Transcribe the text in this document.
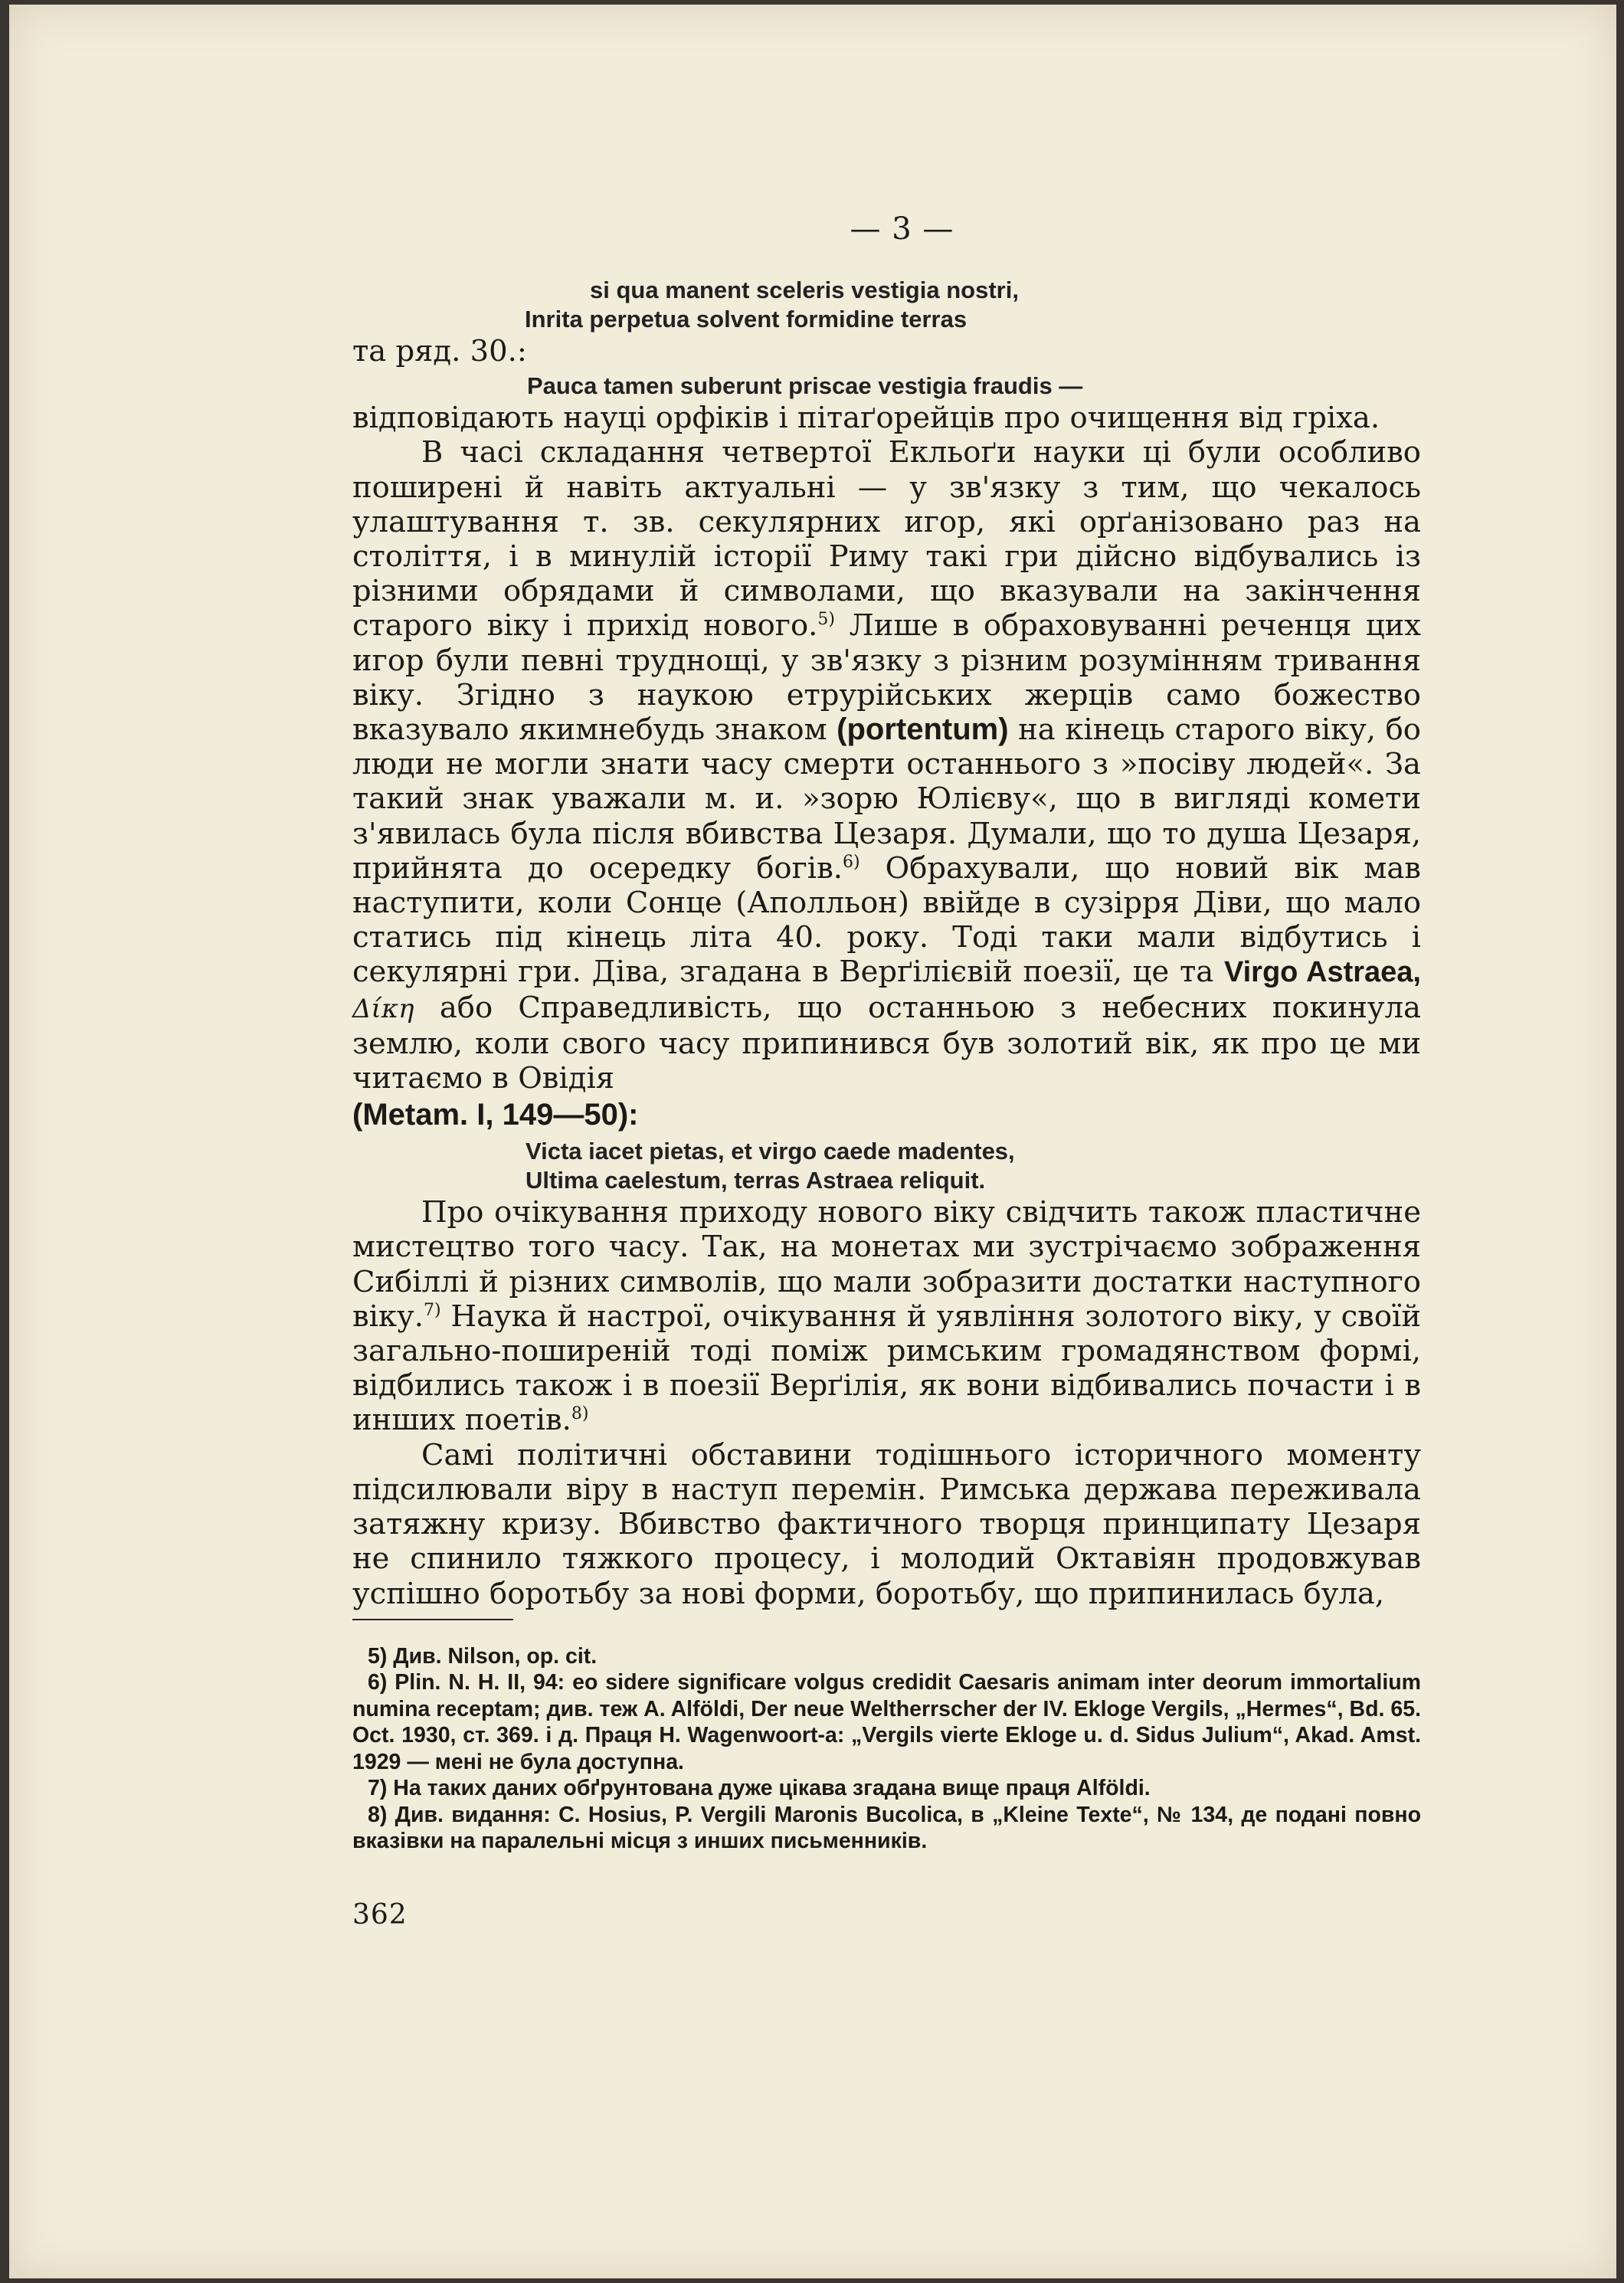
— 3 —
si qua manent sceleris vestigia nostri,
Inrita perpetua solvent formidine terras

та ряд. 30.:

Pauca tamen suberunt priscae vestigia fraudis —

відповідають науці орфіків і пітаґорейців про очищення від гріха.

В часі складання четвертої Екльоґи науки ці були особливо поширені й навіть актуальні — у зв'язку з тим, що чекалось улаштування т. зв. секулярних игор, які орґанізовано раз на століття, і в минулій історії Риму такі гри дійсно відбувались із різними обрядами й символами, що вказували на закінчення старого віку і прихід нового.$^{5)}$ Лише в обраховуванні реченця цих игор були певні труднощі, у зв'язку з різним розумінням тривання віку. Згідно з наукою етрурійських жерців само божество вказувало якимнебудь знаком (portentum) на кінець старого віку, бо люди не могли знати часу смерти останнього з »посіву людей«. За такий знак уважали м. и. »зорю Юлієву«, що в вигляді комети з'явилась була після вбивства Цезаря. Думали, що то душа Цезаря, прийнята до осередку богів.$^{6)}$ Обрахували, що новий вік мав наступити, коли Сонце (Аполльон) ввійде в сузірря Діви, що мало статись під кінець літа 40. року. Тоді таки мали відбутись і секулярні гри. Діва, згадана в Верґілієвій поезії, це та Virgo Astraea, Δίκη або Справедливість, що останньою з небесних покинула землю, коли свого часу припинився був золотий вік, як про це ми читаємо в Овідія

(Metam. I, 149—50):
Victa iacet pietas, et virgo caede madentes,
Ultima caelestum, terras Astraea reliquit.

Про очікування приходу нового віку свідчить також пластичне мистецтво того часу. Так, на монетах ми зустрічаємо зображення Сибіллі й різних символів, що мали зобразити достатки наступного віку.$^{7)}$ Наука й настрої, очікування й уявління золотого віку, у своїй загально-поширеній тоді поміж римським громадянством формі, відбились також і в поезії Верґілія, як вони відбивались почасти і в инших поетів.$^{8)}$

Самі політичні обставини тодішнього історичного моменту підсилювали віру в наступ перемін. Римська держава переживала затяжну кризу. Вбивство фактичного творця принципату Цезаря не спинило тяжкого процесу, і молодий Октавіян продовжував успішно боротьбу за нові форми, боротьбу, що припинилась була,

5) Див. Nilson, op. cit.

6) Plin. N. H. II, 94: eo sidere significare volgus credidit Caesaris animam inter deorum immortalium numina receptam; див. теж A. Alföldi, Der neue Weltherrscher der IV. Ekloge Vergils, „Hermes“, Bd. 65. Oct. 1930, ст. 369. і д. Праця H. Wagenwoort-a: „Vergils vierte Ekloge u. d. Sidus Julium“, Akad. Amst. 1929 — мені не була доступна.

7) На таких даних обґрунтована дуже цікава згадана вище праця Alföldi.

8) Див. видання: C. Hosius, P. Vergili Maronis Bucolica, в „Kleine Texte“, № 134, де подані повно вказівки на паралельні місця з инших письменників.

362
